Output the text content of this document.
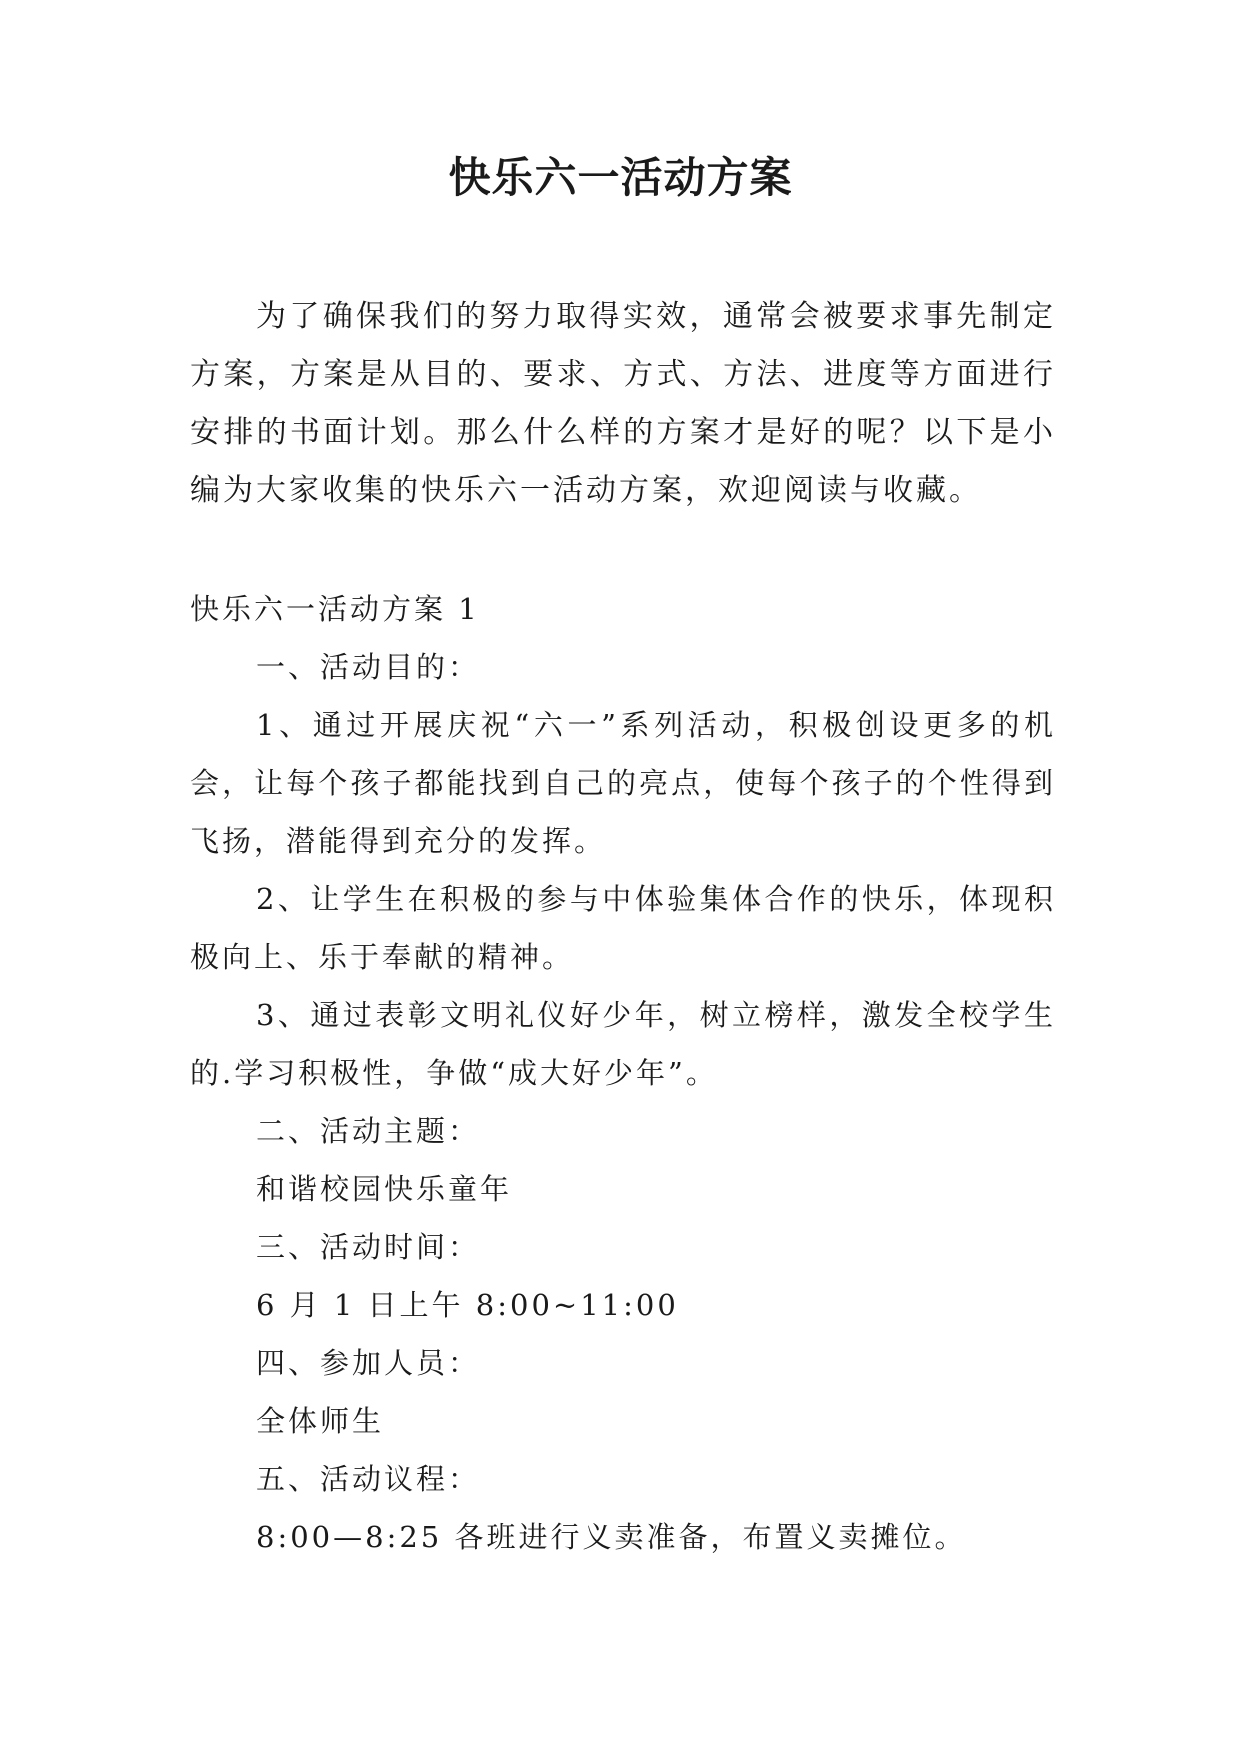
快乐六一活动方案

为了确保我们的努力取得实效，通常会被要求事先制定方案，方案是从目的、要求、方式、方法、进度等方面进行安排的书面计划。那么什么样的方案才是好的呢？以下是小编为大家收集的快乐六一活动方案，欢迎阅读与收藏。

快乐六一活动方案 1

一、活动目的：

1、通过开展庆祝“六一”系列活动，积极创设更多的机会，让每个孩子都能找到自己的亮点，使每个孩子的个性得到飞扬，潜能得到充分的发挥。

2、让学生在积极的参与中体验集体合作的快乐，体现积极向上、乐于奉献的精神。

3、通过表彰文明礼仪好少年，树立榜样，激发全校学生的.学习积极性，争做“成大好少年”。

二、活动主题：

和谐校园快乐童年

三、活动时间：

6 月 1 日上午 8:00~11:00

四、参加人员：

全体师生

五、活动议程：

8:00—8:25 各班进行义卖准备，布置义卖摊位。
